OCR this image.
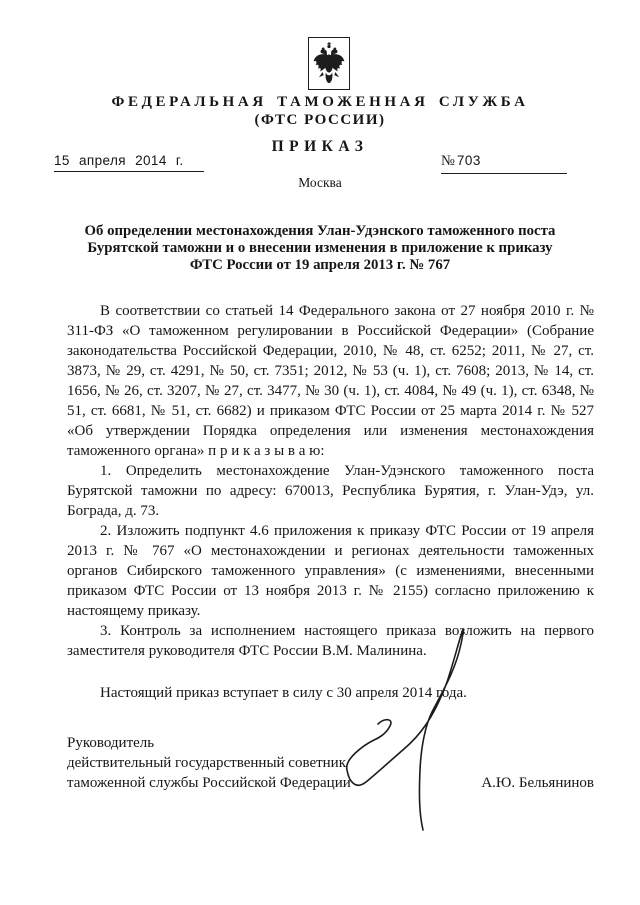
ФЕДЕРАЛЬНАЯ ТАМОЖЕННАЯ СЛУЖБА
(ФТС РОССИИ)
ПРИКАЗ
15 апреля 2014 г.	№ 703
Москва
Об определении местонахождения Улан-Удэнского таможенного поста
Бурятской таможни и о внесении изменения в приложение к приказу
ФТС России от 19 апреля 2013 г. № 767

В соответствии со статьей 14 Федерального закона от 27 ноября 2010 г. № 311-ФЗ «О таможенном регулировании в Российской Федерации» (Собрание законодательства Российской Федерации, 2010, № 48, ст. 6252; 2011, № 27, ст. 3873, № 29, ст. 4291, № 50, ст. 7351; 2012, № 53 (ч. 1), ст. 7608; 2013, № 14, ст. 1656, № 26, ст. 3207, № 27, ст. 3477, № 30 (ч. 1), ст. 4084, № 49 (ч. 1), ст. 6348, № 51, ст. 6681, № 51, ст. 6682) и приказом ФТС России от 25 марта 2014 г. № 527 «Об утверждении Порядка определения или изменения местонахождения таможенного органа» п р и к а з ы в а ю:

1. Определить местонахождение Улан-Удэнского таможенного поста Бурятской таможни по адресу: 670013, Республика Бурятия, г. Улан-Удэ, ул. Бограда, д. 73.

2. Изложить подпункт 4.6 приложения к приказу ФТС России от 19 апреля 2013 г. № 767 «О местонахождении и регионах деятельности таможенных органов Сибирского таможенного управления» (с изменениями, внесенными приказом ФТС России от 13 ноября 2013 г. № 2155) согласно приложению к настоящему приказу.

3. Контроль за исполнением настоящего приказа возложить на первого заместителя руководителя ФТС России В.М. Малинина.

Настоящий приказ вступает в силу с 30 апреля 2014 года.

Руководитель
действительный государственный советник
таможенной службы Российской Федерации	А.Ю. Бельянинов
